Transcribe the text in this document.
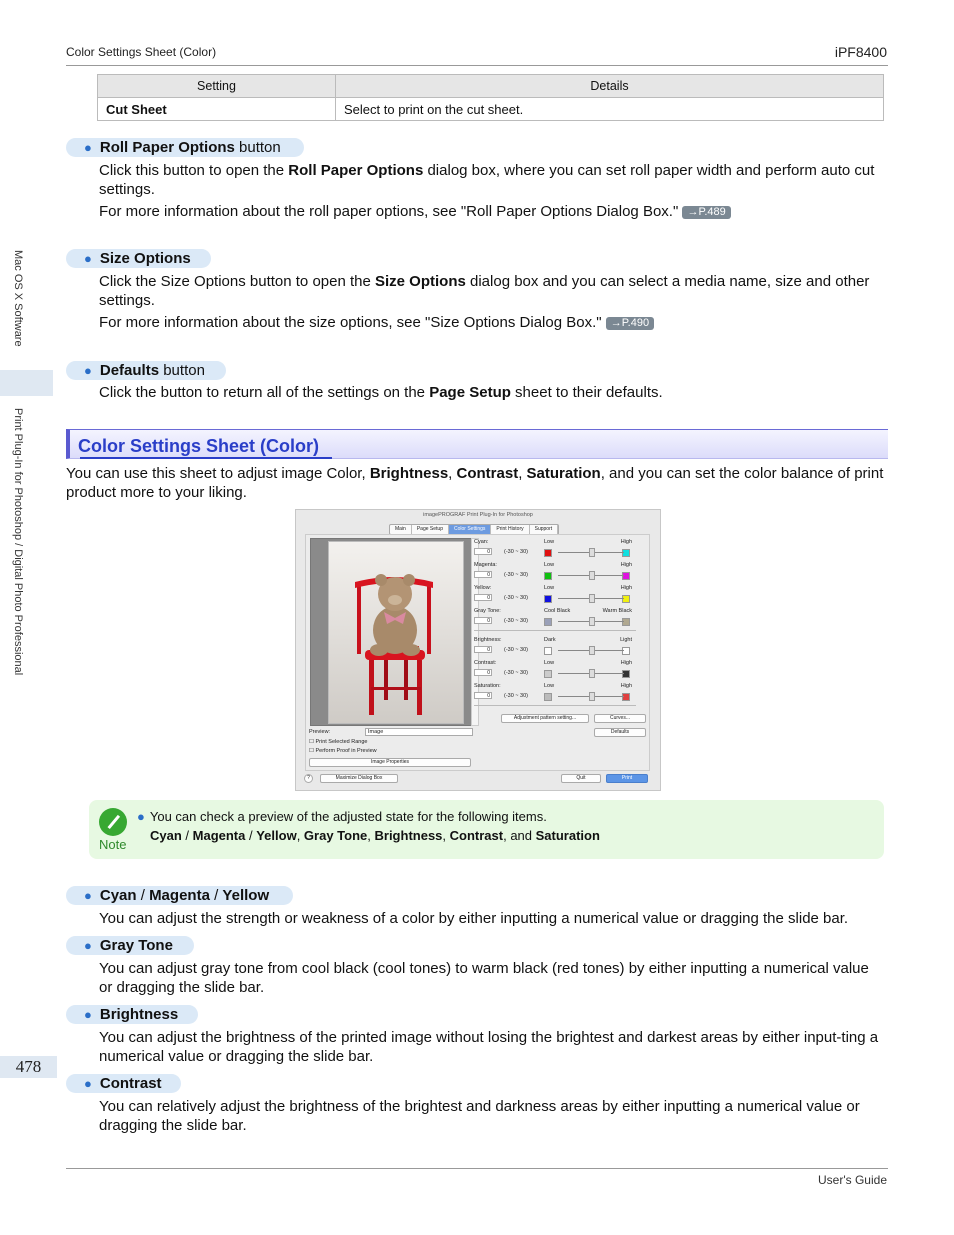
Color Settings Sheet (Color)	iPF8400
Mac OS X Software
Print Plug-In for Photoshop / Digital Photo Professional
478
Setting	Details
Cut Sheet	Select to print on the cut sheet.
● Roll Paper Options button
Click this button to open the Roll Paper Options dialog box, where you can set roll paper width and perform auto cut settings.
For more information about the roll paper options, see "Roll Paper Options Dialog Box." →P.489
● Size Options
Click the Size Options button to open the Size Options dialog box and you can select a media name, size and other settings.
For more information about the size options, see "Size Options Dialog Box." →P.490
● Defaults button
Click the button to return all of the settings on the Page Setup sheet to their defaults.
Color Settings Sheet (Color)
You can use this sheet to adjust image Color, Brightness, Contrast, Saturation, and you can set the color balance of print product more to your liking.
imagePROGRAF Print Plug-In for Photoshop
Main	Page Setup	Color Settings	Print History	Support
Cyan:
0	(-30 ~ 30)
Low	High
Magenta:
0	(-30 ~ 30)
Low	High
Yellow:
0	(-30 ~ 30)
Low	High
Gray Tone:
0	(-30 ~ 30)
Cool Black	Warm Black
Brightness:
0	(-30 ~ 30)
Dark	Light
Contrast:
0	(-30 ~ 30)
Low	High
Saturation:
0	(-30 ~ 30)
Low	High
Adjustment pattern setting...	Curves...
Defaults
Preview:	Image
☐ Print Selected Range
☐ Perform Proof in Preview
Image Properties
?	Maximize Dialog Box	Quit	Print
Note
● You can check a preview of the adjusted state for the following items.
Cyan / Magenta / Yellow, Gray Tone, Brightness, Contrast, and Saturation
● Cyan / Magenta / Yellow
You can adjust the strength or weakness of a color by either inputting a numerical value or dragging the slide bar.
● Gray Tone
You can adjust gray tone from cool black (cool tones) to warm black (red tones) by either inputting a numerical value or dragging the slide bar.
● Brightness
You can adjust the brightness of the printed image without losing the brightest and darkest areas by either input-ting a numerical value or dragging the slide bar.
● Contrast
You can relatively adjust the brightness of the brightest and darkness areas by either inputting a numerical value or dragging the slide bar.
User's Guide
